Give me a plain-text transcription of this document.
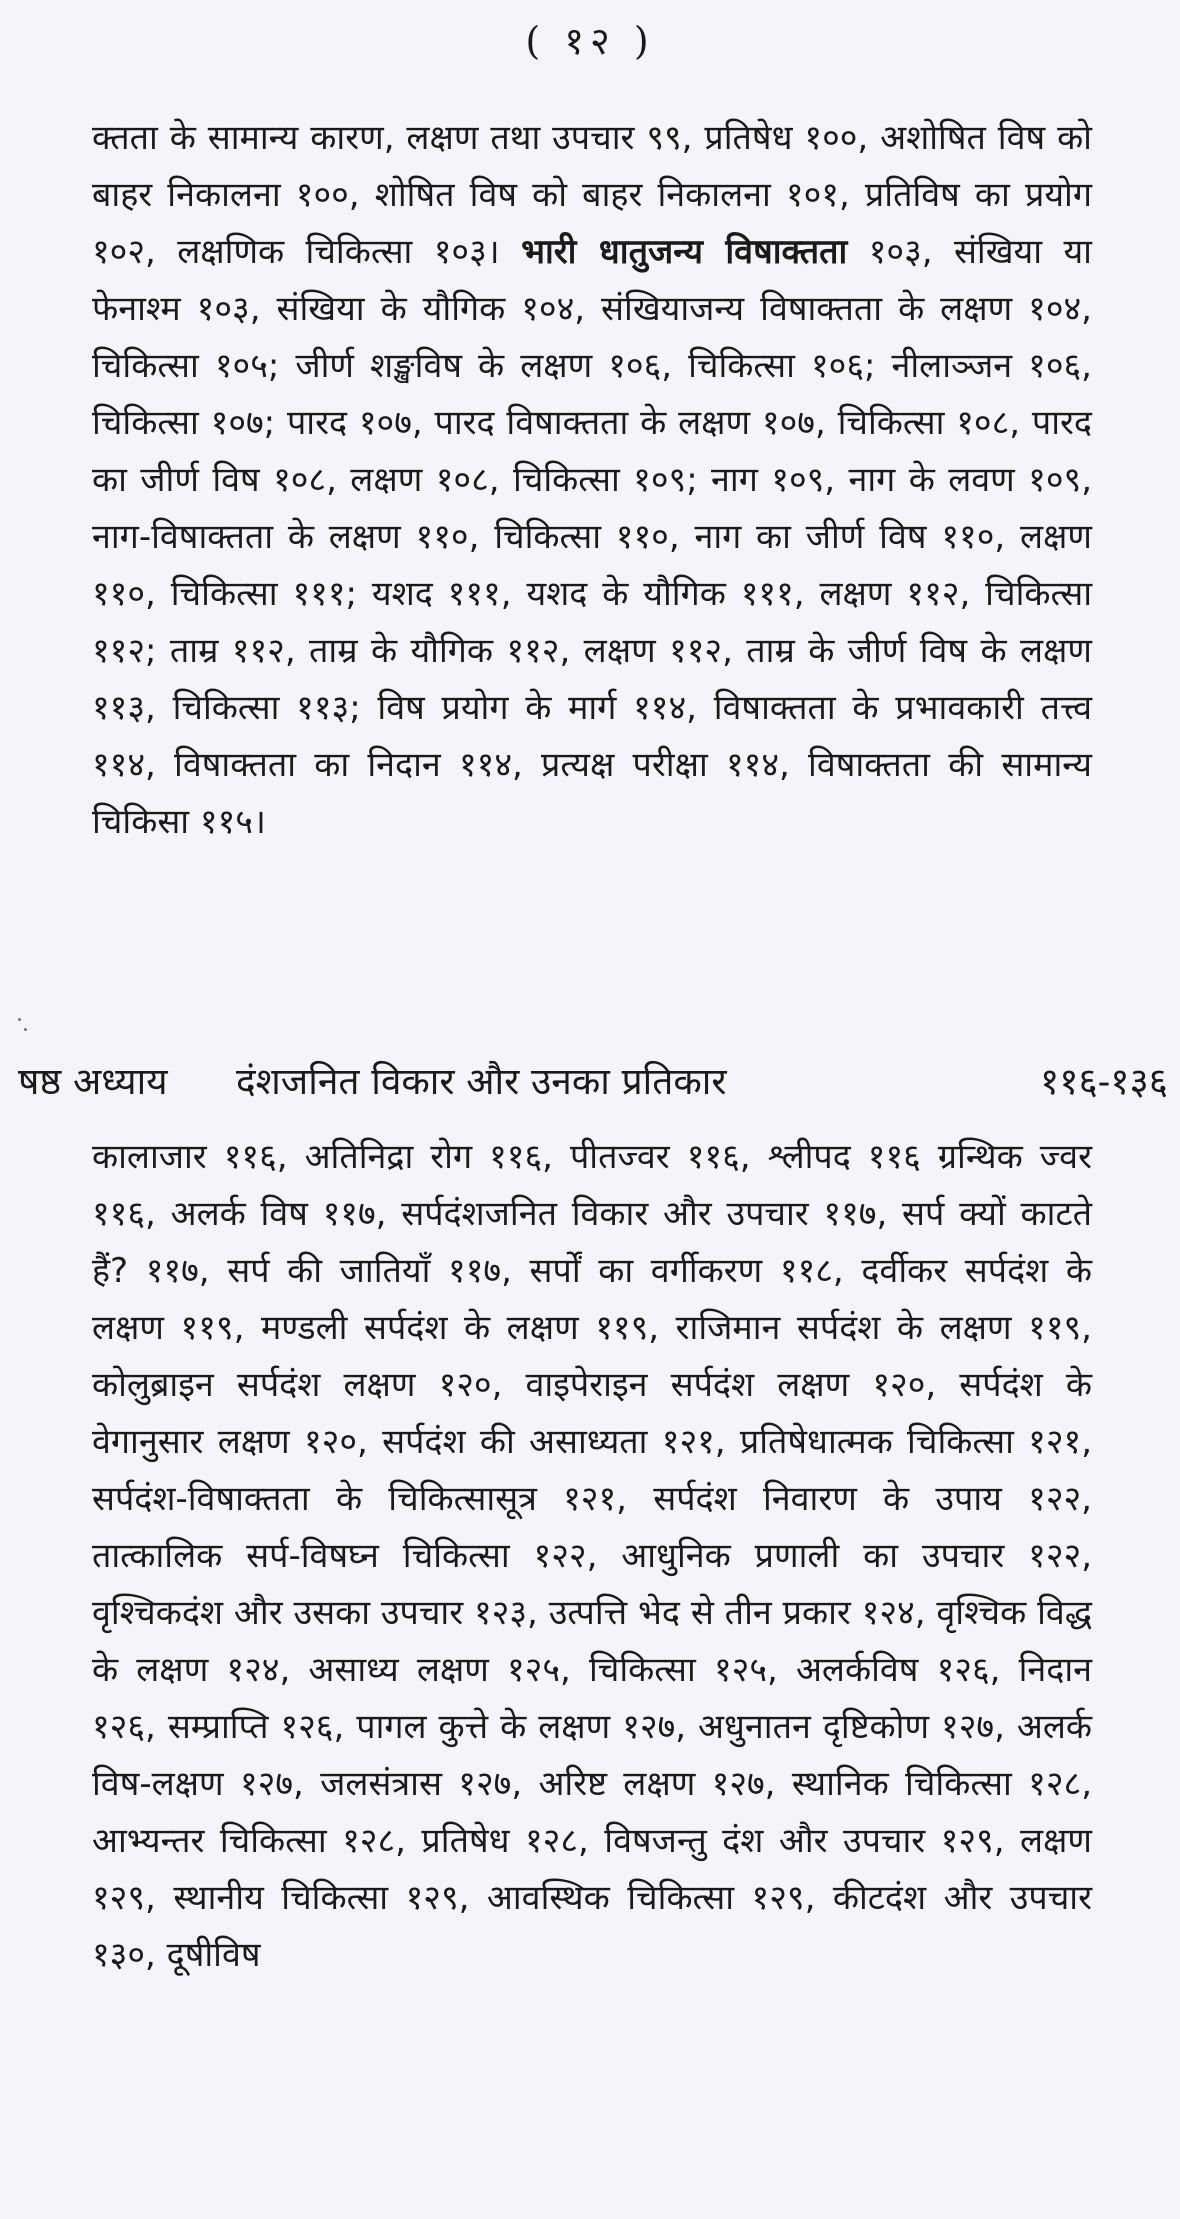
( १२ )
क्तता के सामान्य कारण, लक्षण तथा उपचार ९९, प्रतिषेध १००, अशोषित विष को बाहर निकालना १००, शोषित विष को बाहर निकालना १०१, प्रतिविष का प्रयोग १०२, लक्षणिक चिकित्सा १०३। भारी धातुजन्य विषाक्तता १०३, संखिया या फेनाश्म १०३, संखिया के यौगिक १०४, संखियाजन्य विषाक्तता के लक्षण १०४, चिकित्सा १०५; जीर्ण शङ्खविष के लक्षण १०६, चिकित्सा १०६; नीलाञ्जन १०६, चिकित्सा १०७; पारद १०७, पारद विषाक्तता के लक्षण १०७, चिकित्सा १०८, पारद का जीर्ण विष १०८, लक्षण १०८, चिकित्सा १०९; नाग १०९, नाग के लवण १०९, नाग-विषाक्तता के लक्षण ११०, चिकित्सा ११०, नाग का जीर्ण विष ११०, लक्षण ११०, चिकित्सा १११; यशद १११, यशद के यौगिक १११, लक्षण ११२, चिकित्सा ११२; ताम्र ११२, ताम्र के यौगिक ११२, लक्षण ११२, ताम्र के जीर्ण विष के लक्षण ११३, चिकित्सा ११३; विष प्रयोग के मार्ग ११४, विषाक्तता के प्रभावकारी तत्त्व ११४, विषाक्तता का निदान ११४, प्रत्यक्ष परीक्षा ११४, विषाक्तता की सामान्य चिकिसा ११५।
षष्ठ अध्याय	दंशजनित विकार और उनका प्रतिकार	११६-१३६
कालाजार ११६, अतिनिद्रा रोग ११६, पीतज्वर ११६, श्लीपद ११६ ग्रन्थिक ज्वर ११६, अलर्क विष ११७, सर्पदंशजनित विकार और उपचार ११७, सर्प क्यों काटते हैं? ११७, सर्प की जातियाँ ११७, सर्पों का वर्गीकरण ११८, दर्वीकर सर्पदंश के लक्षण ११९, मण्डली सर्पदंश के लक्षण ११९, राजिमान सर्पदंश के लक्षण ११९, कोलुब्राइन सर्पदंश लक्षण १२०, वाइपेराइन सर्पदंश लक्षण १२०, सर्पदंश के वेगानुसार लक्षण १२०, सर्पदंश की असाध्यता १२१, प्रतिषेधात्मक चिकित्सा १२१, सर्पदंश-विषाक्तता के चिकित्सासूत्र १२१, सर्पदंश निवारण के उपाय १२२, तात्कालिक सर्प-विषघ्न चिकित्सा १२२, आधुनिक प्रणाली का उपचार १२२, वृश्चिकदंश और उसका उपचार १२३, उत्पत्ति भेद से तीन प्रकार १२४, वृश्चिक विद्ध के लक्षण १२४, असाध्य लक्षण १२५, चिकित्सा १२५, अलर्कविष १२६, निदान १२६, सम्प्राप्ति १२६, पागल कुत्ते के लक्षण १२७, अधुनातन दृष्टिकोण १२७, अलर्क विष-लक्षण १२७, जलसंत्रास १२७, अरिष्ट लक्षण १२७, स्थानिक चिकित्सा १२८, आभ्यन्तर चिकित्सा १२८, प्रतिषेध १२८, विषजन्तु दंश और उपचार १२९, लक्षण १२९, स्थानीय चिकित्सा १२९, आवस्थिक चिकित्सा १२९, कीटदंश और उपचार १३०, दूषीविष
